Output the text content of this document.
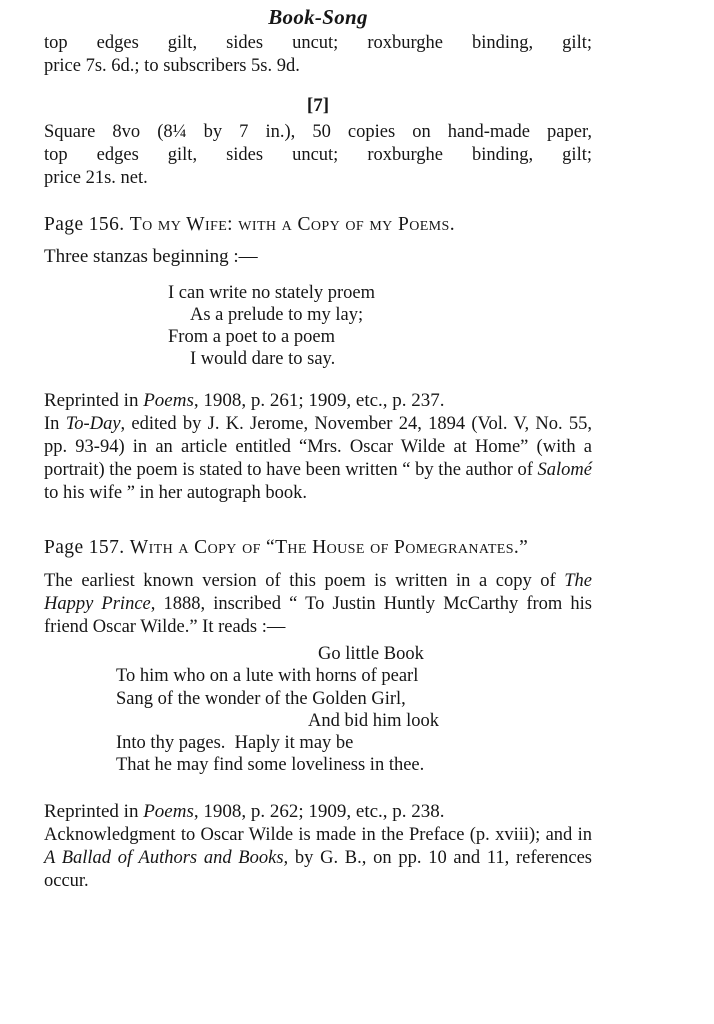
Book-Song

top edges gilt, sides uncut; roxburghe binding, gilt;

price 7s. 6d.; to subscribers 5s. 9d.

[7]

Square 8vo (8¼ by 7 in.), 50 copies on hand-made paper,

top edges gilt, sides uncut; roxburghe binding, gilt;

price 21s. net.

Page 156. To my Wife: with a Copy of my Poems.

Three stanzas beginning :—

I can write no stately proem
As a prelude to my lay;
From a poet to a poem
I would dare to say.

Reprinted in Poems, 1908, p. 261; 1909, etc., p. 237.

In To-Day, edited by J. K. Jerome, November 24, 1894 (Vol. V, No. 55, pp. 93-94) in an article entitled “Mrs. Oscar Wilde at Home” (with a portrait) the poem is stated to have been written “ by the author of Salomé to his wife ” in her autograph book.

Page 157. With a Copy of “The House of Pomegranates.”

The earliest known version of this poem is written in a copy of The Happy Prince, 1888, inscribed “ To Justin Huntly McCarthy from his friend Oscar Wilde.” It reads :—

Go little Book
To him who on a lute with horns of pearl
Sang of the wonder of the Golden Girl,
And bid him look
Into thy pages.  Haply it may be
That he may find some loveliness in thee.

Reprinted in Poems, 1908, p. 262; 1909, etc., p. 238.

Acknowledgment to Oscar Wilde is made in the Preface (p. xviii); and in A Ballad of Authors and Books, by G. B., on pp. 10 and 11, references occur.
